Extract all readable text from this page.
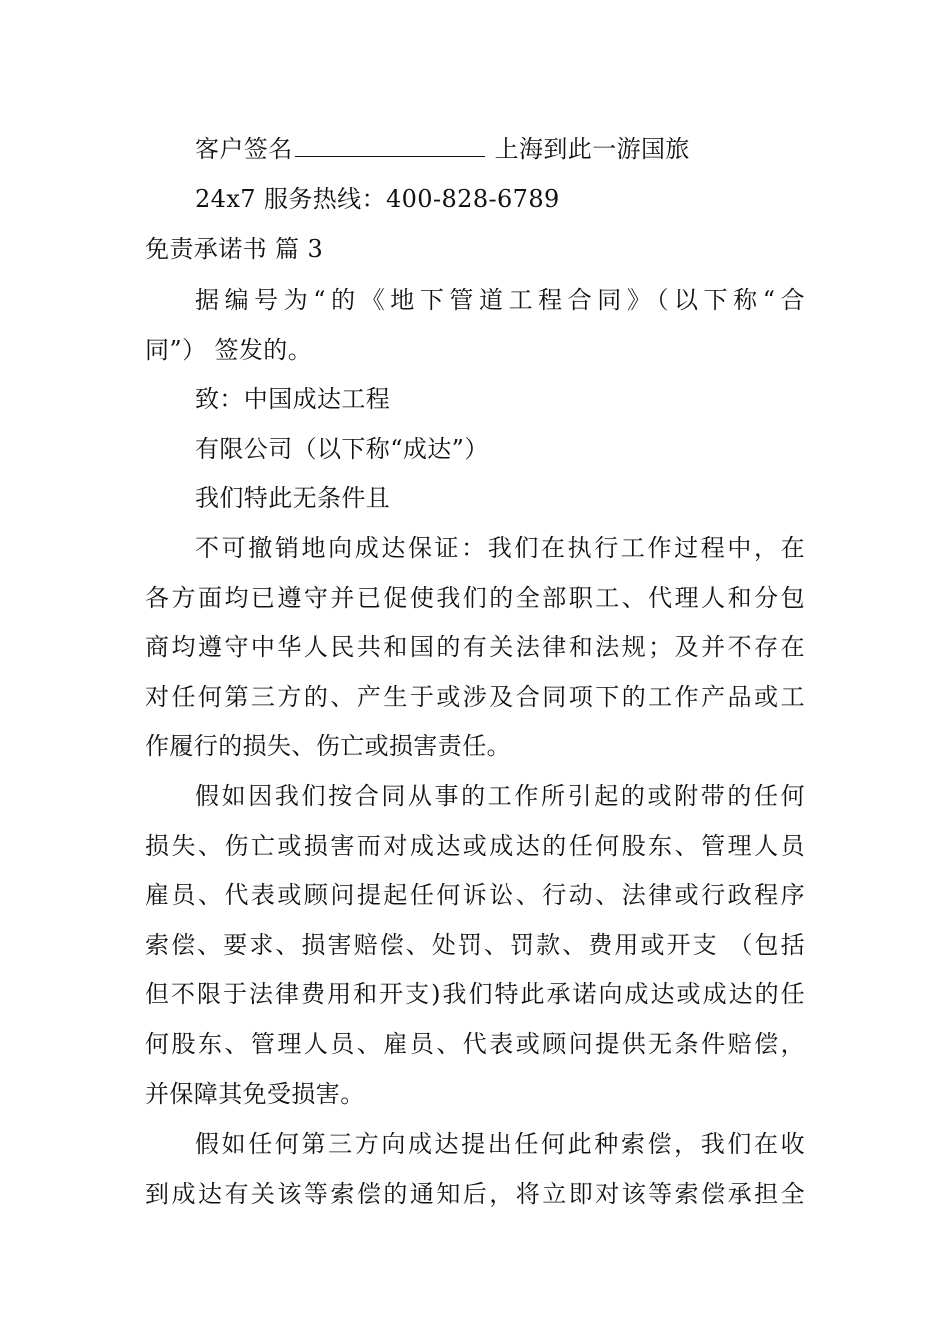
客户签名	上海到此一游国旅
24x7 服务热线：400-828-6789
免责承诺书 篇 3
据编号为“的《地下管道工程合同》（以下称“合
同”） 签发的。
致：中国成达工程
有限公司（以下称“成达”）
我们特此无条件且
不可撤销地向成达保证：我们在执行工作过程中，在
各方面均已遵守并已促使我们的全部职工、代理人和分包
商均遵守中华人民共和国的有关法律和法规；及并不存在
对任何第三方的、产生于或涉及合同项下的工作产品或工
作履行的损失、伤亡或损害责任。
假如因我们按合同从事的工作所引起的或附带的任何
损失、伤亡或损害而对成达或成达的任何股东、管理人员
雇员、代表或顾问提起任何诉讼、行动、法律或行政程序
索偿、要求、损害赔偿、处罚、罚款、费用或开支 （包括
但不限于法律费用和开支)我们特此承诺向成达或成达的任
何股东、管理人员、雇员、代表或顾问提供无条件赔偿，
并保障其免受损害。
假如任何第三方向成达提出任何此种索偿，我们在收
到成达有关该等索偿的通知后，将立即对该等索偿承担全
